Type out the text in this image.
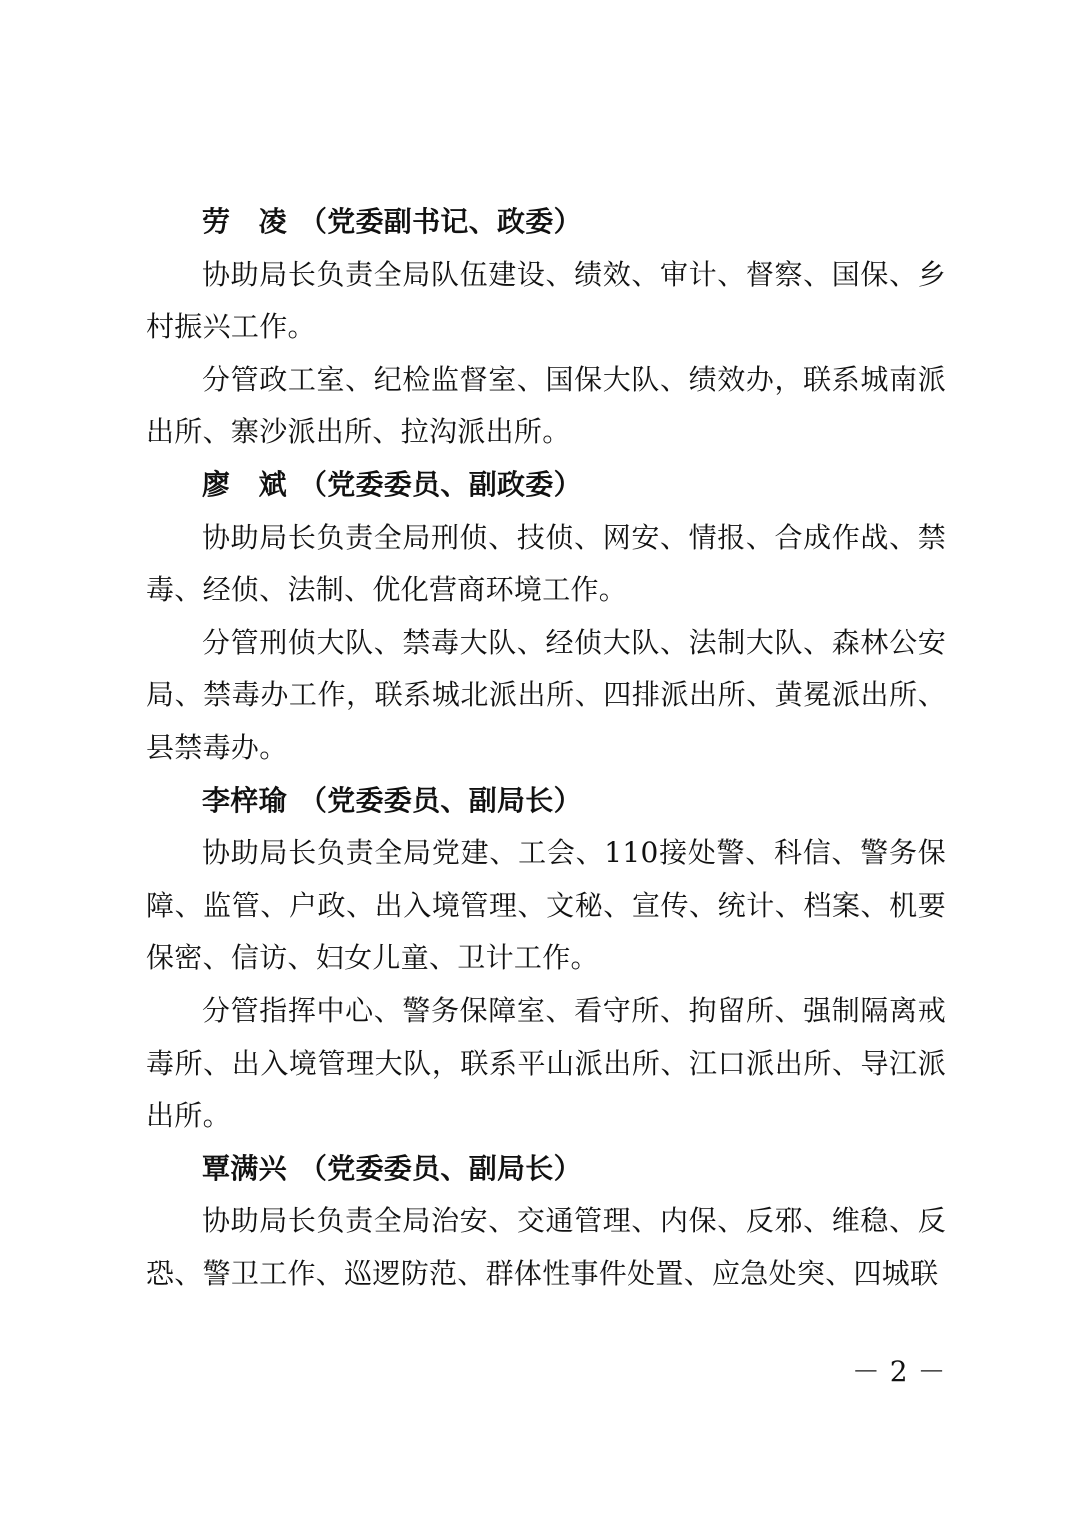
劳　凌 （党委副书记、政委）

协助局长负责全局队伍建设、绩效、审计、督察、国保、乡村振兴工作。

分管政工室、纪检监督室、国保大队、绩效办，联系城南派出所、寨沙派出所、拉沟派出所。

廖　斌 （党委委员、副政委）

协助局长负责全局刑侦、技侦、网安、情报、合成作战、禁毒、经侦、法制、优化营商环境工作。

分管刑侦大队、禁毒大队、经侦大队、法制大队、森林公安局、禁毒办工作，联系城北派出所、四排派出所、黄冕派出所、县禁毒办。

李梓瑜 （党委委员、副局长）

协助局长负责全局党建、工会、110接处警、科信、警务保障、监管、户政、出入境管理、文秘、宣传、统计、档案、机要保密、信访、妇女儿童、卫计工作。

分管指挥中心、警务保障室、看守所、拘留所、强制隔离戒毒所、出入境管理大队，联系平山派出所、江口派出所、导江派出所。

覃满兴 （党委委员、副局长）

协助局长负责全局治安、交通管理、内保、反邪、维稳、反恐、警卫工作、巡逻防范、群体性事件处置、应急处突、四城联

－ 2 －
